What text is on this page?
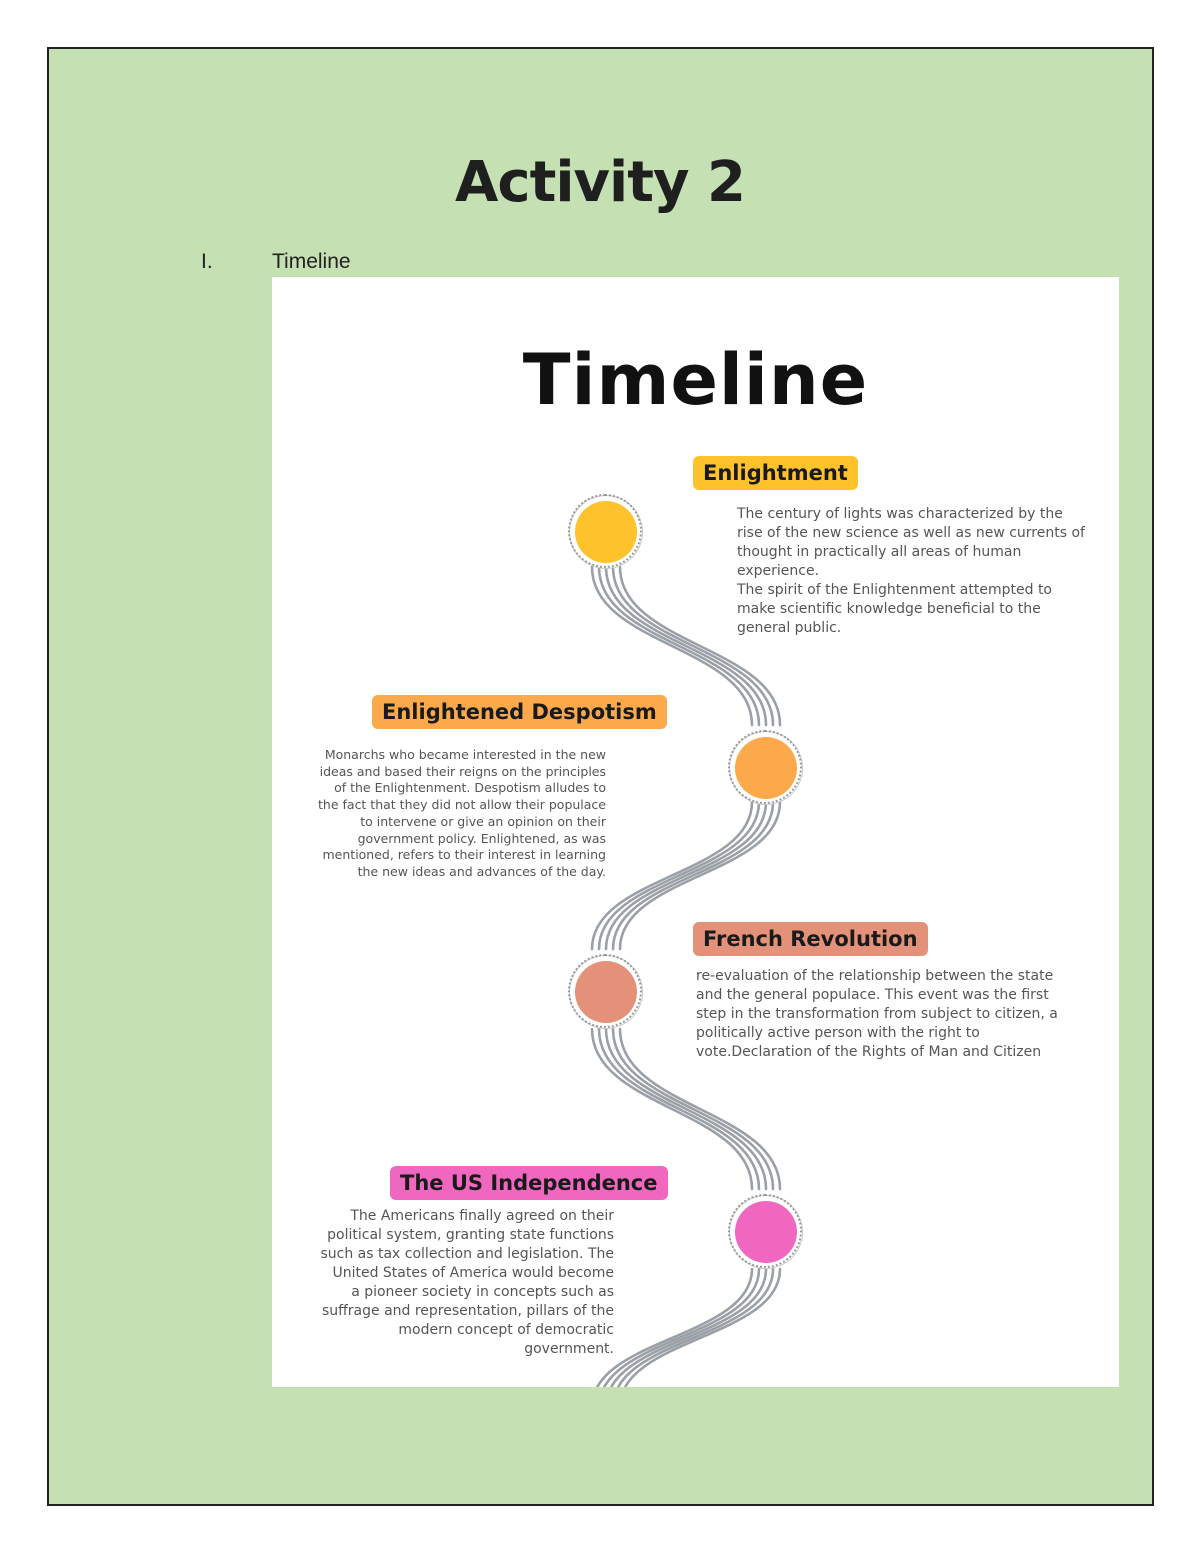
Activity 2
I.	Timeline
Timeline
Enlightment

The century of lights was characterized by the rise of the new science as well as new currents of thought in practically all areas of human experience.

The spirit of the Enlightenment attempted to make scientific knowledge beneficial to the general public.

Enlightened Despotism

Monarchs who became interested in the new ideas and based their reigns on the principles of the Enlightenment. Despotism alludes to the fact that they did not allow their populace to intervene or give an opinion on their government policy. Enlightened, as was mentioned, refers to their interest in learning the new ideas and advances of the day.

French Revolution

re-evaluation of the relationship between the state and the general populace. This event was the first step in the transformation from subject to citizen, a politically active person with the right to vote.Declaration of the Rights of Man and Citizen

The US Independence

The Americans finally agreed on their political system, granting state functions such as tax collection and legislation. The United States of America would become a pioneer society in concepts such as suffrage and representation, pillars of the modern concept of democratic government.
